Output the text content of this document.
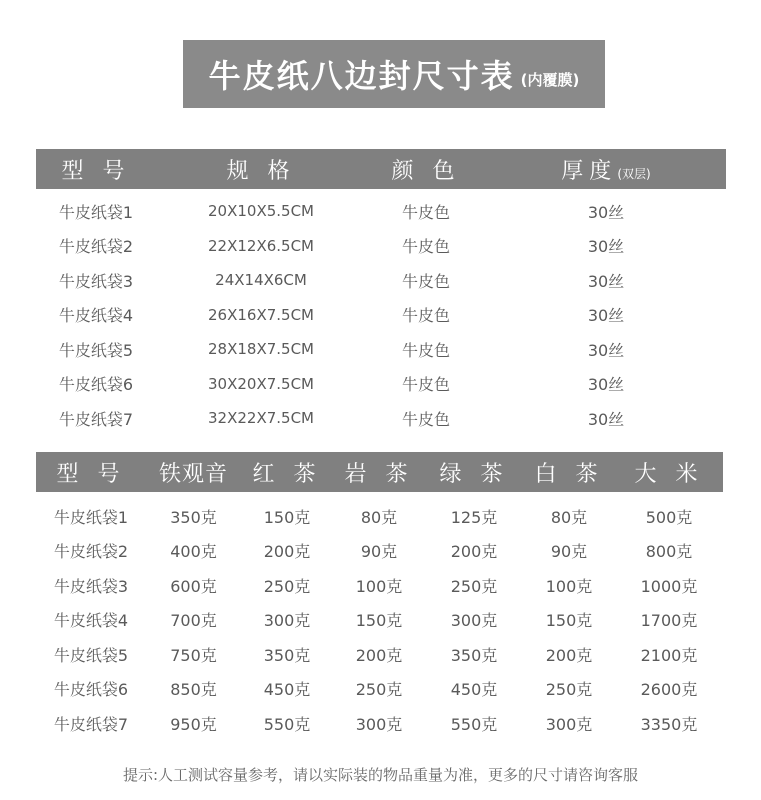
牛皮纸八边封尺寸表 (内覆膜)
型 号	规 格	颜 色	厚度(双层)
牛皮纸袋1	20X10X5.5CM	牛皮色	30丝
牛皮纸袋2	22X12X6.5CM	牛皮色	30丝
牛皮纸袋3	24X14X6CM	牛皮色	30丝
牛皮纸袋4	26X16X7.5CM	牛皮色	30丝
牛皮纸袋5	28X18X7.5CM	牛皮色	30丝
牛皮纸袋6	30X20X7.5CM	牛皮色	30丝
牛皮纸袋7	32X22X7.5CM	牛皮色	30丝
型 号	铁观音	红 茶	岩 茶	绿 茶	白 茶	大 米
牛皮纸袋1	350克	150克	80克	125克	80克	500克
牛皮纸袋2	400克	200克	90克	200克	90克	800克
牛皮纸袋3	600克	250克	100克	250克	100克	1000克
牛皮纸袋4	700克	300克	150克	300克	150克	1700克
牛皮纸袋5	750克	350克	200克	350克	200克	2100克
牛皮纸袋6	850克	450克	250克	450克	250克	2600克
牛皮纸袋7	950克	550克	300克	550克	300克	3350克
提示:人工测试容量参考，请以实际装的物品重量为准，更多的尺寸请咨询客服
